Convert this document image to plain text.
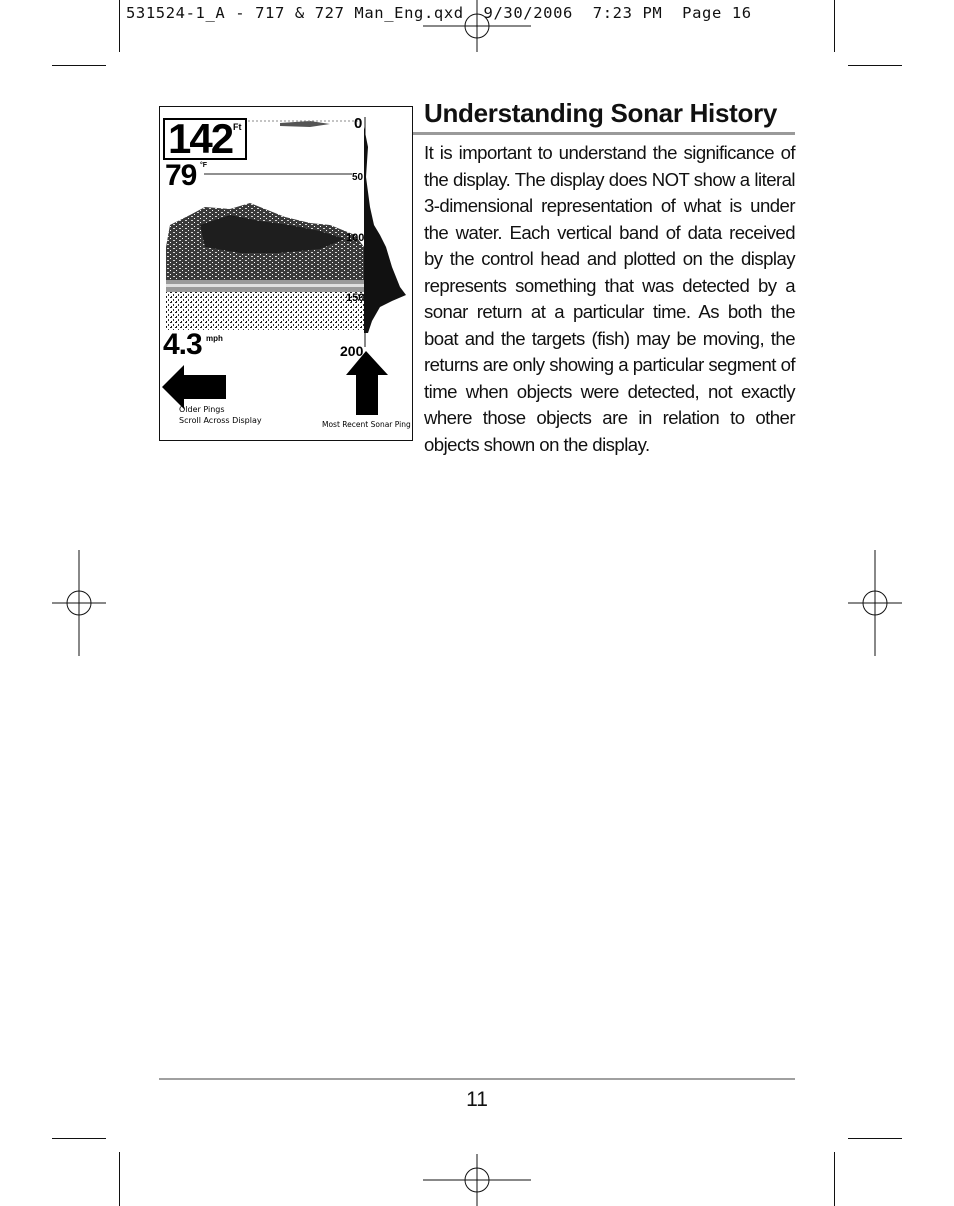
531524-1_A - 717 & 727 Man_Eng.qxd  9/30/2006  7:23 PM  Page 16
142 Ft
79 °F
4.3 mph
0
50
100
150
200
Older Pings
Scroll Across Display	Most Recent Sonar Ping
Understanding Sonar History
It is important to understand the significance of the display. The display does NOT show a literal 3-dimensional representation of what is under the water. Each vertical band of data received by the control head and plotted on the display represents something that was detected by a sonar return at a particular time. As both the boat and the targets (fish) may be moving, the returns are only showing a particular segment of time when objects were detected, not exactly where those objects are in relation to other objects shown on the display.
11
